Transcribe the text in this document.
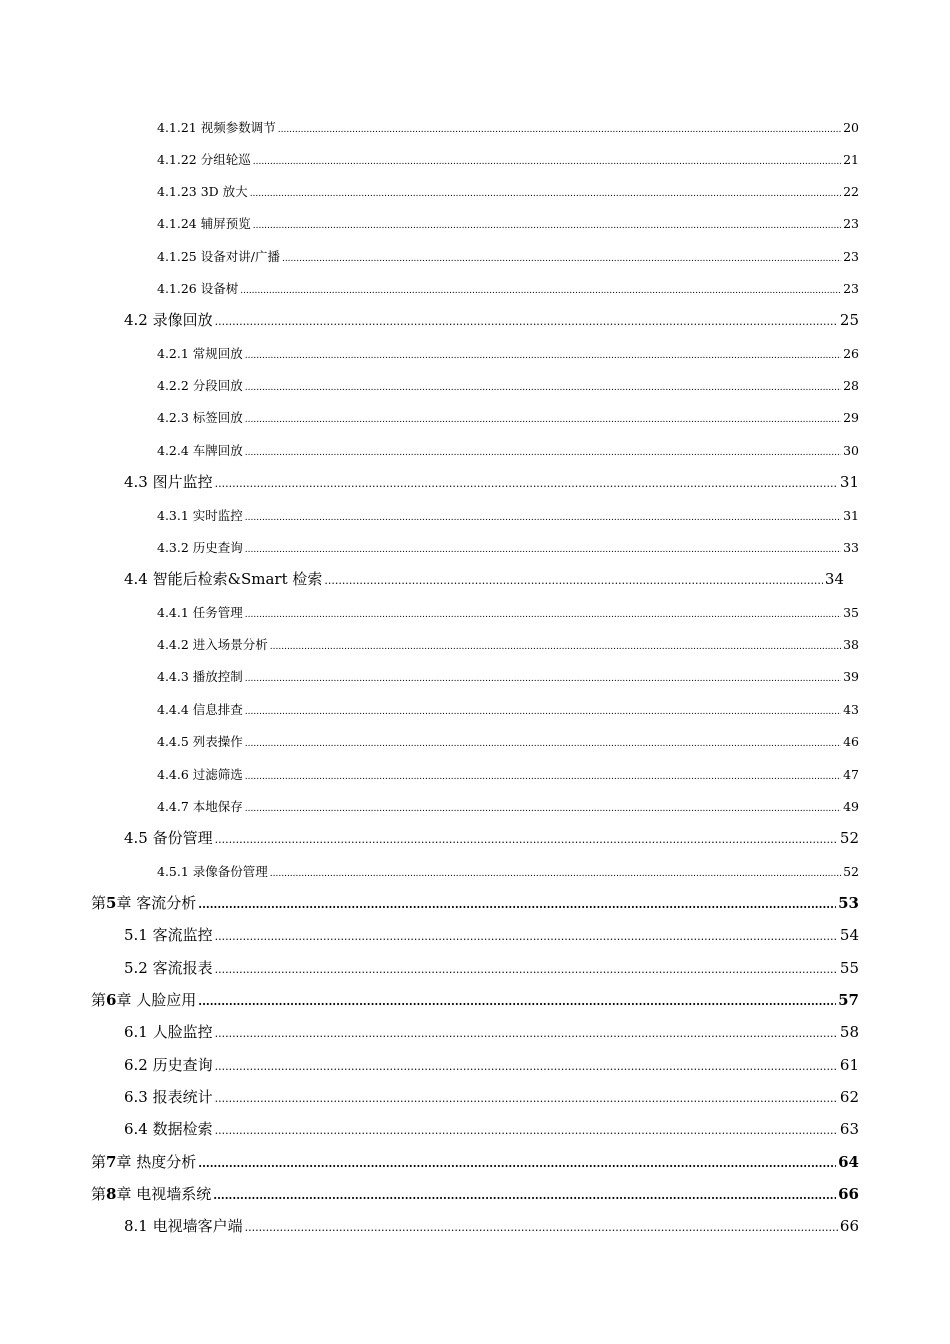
4.1.21 视频参数调节 .....	20
4.1.22 分组轮巡 .....	21
4.1.23 3D 放大 .....	22
4.1.24 辅屏预览 .....	23
4.1.25 设备对讲/广播 .....	23
4.1.26 设备树 .....	23
4.2 录像回放 .....	25
4.2.1 常规回放 .....	26
4.2.2 分段回放 .....	28
4.2.3 标签回放 .....	29
4.2.4 车牌回放 .....	30
4.3 图片监控 .....	31
4.3.1 实时监控 .....	31
4.3.2 历史查询 .....	33
4.4 智能后检索&Smart 检索 .....	34
4.4.1 任务管理 .....	35
4.4.2 进入场景分析 .....	38
4.4.3 播放控制 .....	39
4.4.4 信息排查 .....	43
4.4.5 列表操作 .....	46
4.4.6 过滤筛选 .....	47
4.4.7 本地保存 .....	49
4.5 备份管理 .....	52
4.5.1 录像备份管理 .....	52
第5章 客流分析 .....	53
5.1 客流监控 .....	54
5.2 客流报表 .....	55
第6章 人脸应用 .....	57
6.1 人脸监控 .....	58
6.2 历史查询 .....	61
6.3 报表统计 .....	62
6.4 数据检索 .....	63
第7章 热度分析 .....	64
第8章 电视墙系统 .....	66
8.1 电视墙客户端 .....	66
